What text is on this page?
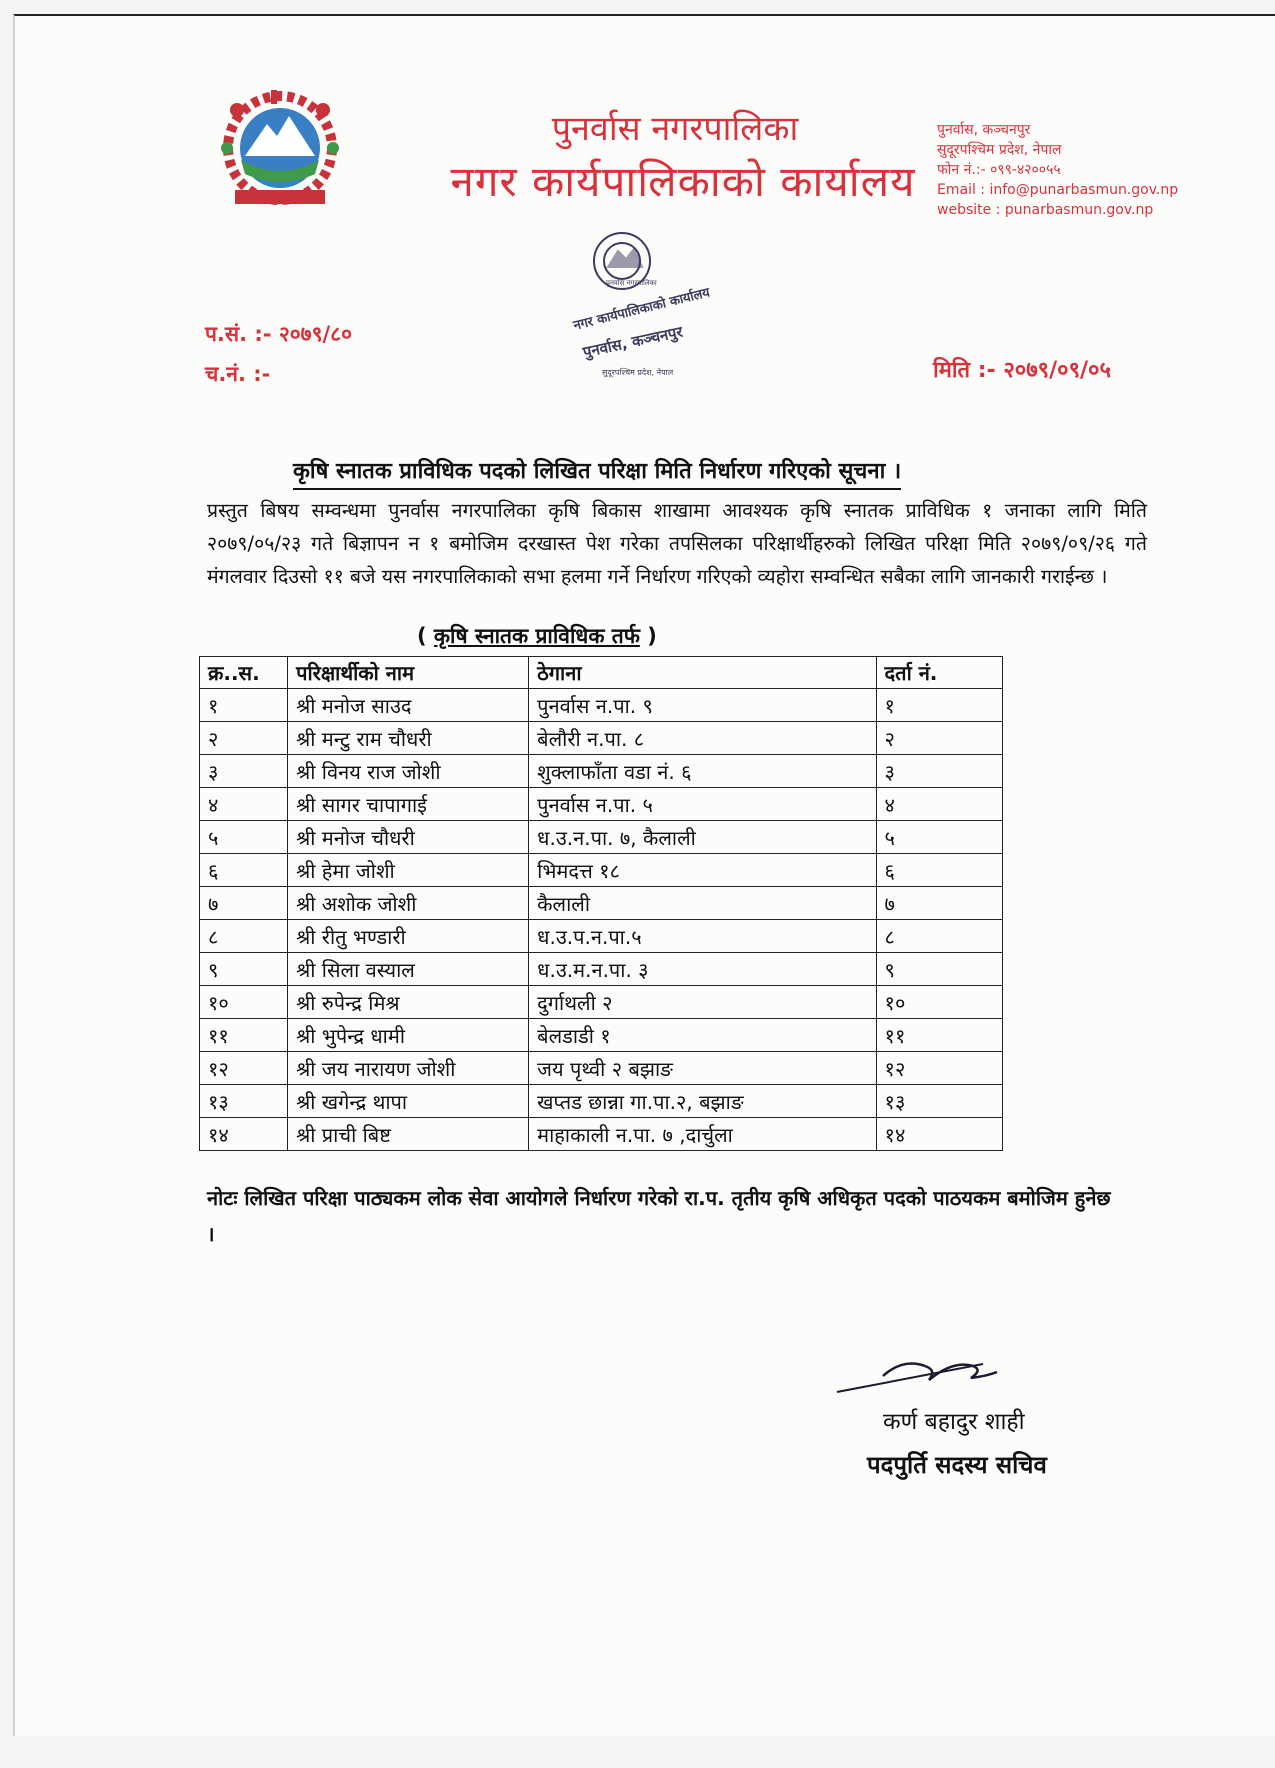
पुनर्वास नगरपालिका
नगर कार्यपालिकाको कार्यालय
पुनर्वास, कञ्चनपुर
सुदूरपश्चिम प्रदेश, नेपाल
फोन नं.:- ०९९-४२००५५
Email : info@punarbasmun.gov.np
website : punarbasmun.gov.np
नगर कार्यपालिकाको कार्यालय
पुनर्वास, कञ्चनपुर
सुदूरपश्चिम प्रदेश, नेपाल
पुनर्वास नगरपालिका
प.सं. :- २०७९/८०
च.नं. :-	मिति :- २०७९/०९/०५
कृषि स्नातक प्राविधिक पदको लिखित परिक्षा मिति निर्धारण गरिएको सूचना ।
प्रस्तुत बिषय सम्वन्धमा पुनर्वास नगरपालिका कृषि बिकास शाखामा आवश्यक कृषि स्नातक प्राविधिक १ जनाका लागि मिति २०७९/०५/२३ गते बिज्ञापन न १ बमोजिम दरखास्त पेश गरेका तपसिलका परिक्षार्थीहरुको लिखित परिक्षा मिति २०७९/०९/२६ गते मंगलवार दिउसो ११ बजे यस नगरपालिकाको सभा हलमा गर्ने निर्धारण गरिएको व्यहोरा सम्वन्धित सबैका लागि जानकारी गराईन्छ ।
( कृषि स्नातक प्राविधिक तर्फ )
क्र..स.	परिक्षार्थीको नाम	ठेगाना	दर्ता नं.
१	श्री मनोज साउद	पुनर्वास न.पा. ९	१
२	श्री मन्टु राम चौधरी	बेलौरी न.पा. ८	२
३	श्री विनय राज जोशी	शुक्लाफाँता वडा नं. ६	३
४	श्री सागर चापागाई	पुनर्वास न.पा. ५	४
५	श्री मनोज चौधरी	ध.उ.न.पा. ७, कैलाली	५
६	श्री हेमा जोशी	भिमदत्त १८	६
७	श्री अशोक जोशी	कैलाली	७
८	श्री रीतु भण्डारी	ध.उ.प.न.पा.५	८
९	श्री सिला वस्याल	ध.उ.म.न.पा. ३	९
१०	श्री रुपेन्द्र मिश्र	दुर्गाथली २	१०
११	श्री भुपेन्द्र धामी	बेलडाडी १	११
१२	श्री जय नारायण जोशी	जय पृथ्वी २ बझाङ	१२
१३	श्री खगेन्द्र थापा	खप्तड छान्ना गा.पा.२, बझाङ	१३
१४	श्री प्राची बिष्ट	माहाकाली न.पा. ७ ,दार्चुला	१४
नोटः लिखित परिक्षा पाठ्यकम लोक सेवा आयोगले निर्धारण गरेको रा.प. तृतीय कृषि अधिकृत पदको पाठयकम बमोजिम हुनेछ ।
कर्ण बहादुर शाही
पदपुर्ति सदस्य सचिव
